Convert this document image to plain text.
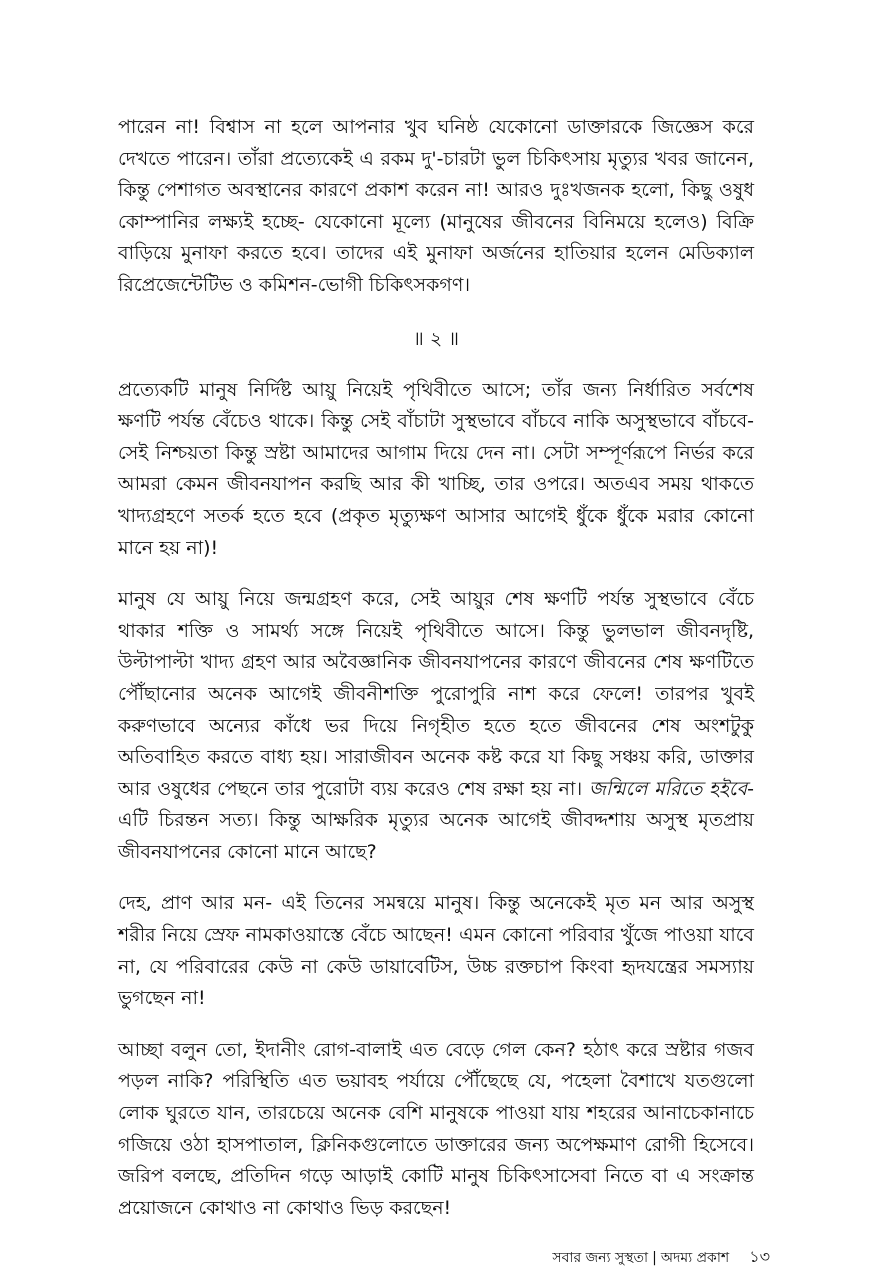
পারেন না! বিশ্বাস না হলে আপনার খুব ঘনিষ্ঠ যেকোনো ডাক্তারকে জিজ্ঞেস করে দেখতে পারেন। তাঁরা প্রত্যেকেই এ রকম দু'-চারটা ভুল চিকিৎসায় মৃত্যুর খবর জানেন, কিন্তু পেশাগত অবস্থানের কারণে প্রকাশ করেন না! আরও দুঃখজনক হলো, কিছু ওষুধ কোম্পানির লক্ষ্যই হচ্ছে- যেকোনো মূল্যে (মানুষের জীবনের বিনিময়ে হলেও) বিক্রি বাড়িয়ে মুনাফা করতে হবে। তাদের এই মুনাফা অর্জনের হাতিয়ার হলেন মেডিক্যাল রিপ্রেজেন্টেটিভ ও কমিশন-ভোগী চিকিৎসকগণ।

॥ ২ ॥

প্রত্যেকটি মানুষ নির্দিষ্ট আয়ু নিয়েই পৃথিবীতে আসে; তাঁর জন্য নির্ধারিত সর্বশেষ ক্ষণটি পর্যন্ত বেঁচেও থাকে। কিন্তু সেই বাঁচাটা সুস্থভাবে বাঁচবে নাকি অসুস্থভাবে বাঁচবে- সেই নিশ্চয়তা কিন্তু স্রষ্টা আমাদের আগাম দিয়ে দেন না। সেটা সম্পূর্ণরূপে নির্ভর করে আমরা কেমন জীবনযাপন করছি আর কী খাচ্ছি, তার ওপরে। অতএব সময় থাকতে খাদ্যগ্রহণে সতর্ক হতে হবে (প্রকৃত মৃত্যুক্ষণ আসার আগেই ধুঁকে ধুঁকে মরার কোনো মানে হয় না)!

মানুষ যে আয়ু নিয়ে জন্মগ্রহণ করে, সেই আয়ুর শেষ ক্ষণটি পর্যন্ত সুস্থভাবে বেঁচে থাকার শক্তি ও সামর্থ্য সঙ্গে নিয়েই পৃথিবীতে আসে। কিন্তু ভুলভাল জীবনদৃষ্টি, উল্টাপাল্টা খাদ্য গ্রহণ আর অবৈজ্ঞানিক জীবনযাপনের কারণে জীবনের শেষ ক্ষণটিতে পৌঁছানোর অনেক আগেই জীবনীশক্তি পুরোপুরি নাশ করে ফেলে! তারপর খুবই করুণভাবে অন্যের কাঁধে ভর দিয়ে নিগৃহীত হতে হতে জীবনের শেষ অংশটুকু অতিবাহিত করতে বাধ্য হয়। সারাজীবন অনেক কষ্ট করে যা কিছু সঞ্চয় করি, ডাক্তার আর ওষুধের পেছনে তার পুরোটা ব্যয় করেও শেষ রক্ষা হয় না। জন্মিলে মরিতে হইবে- এটি চিরন্তন সত্য। কিন্তু আক্ষরিক মৃত্যুর অনেক আগেই জীবদ্দশায় অসুস্থ মৃতপ্রায় জীবনযাপনের কোনো মানে আছে?

দেহ, প্রাণ আর মন- এই তিনের সমন্বয়ে মানুষ। কিন্তু অনেকেই মৃত মন আর অসুস্থ শরীর নিয়ে স্রেফ নামকাওয়াস্তে বেঁচে আছেন! এমন কোনো পরিবার খুঁজে পাওয়া যাবে না, যে পরিবারের কেউ না কেউ ডায়াবেটিস, উচ্চ রক্তচাপ কিংবা হৃদযন্ত্রের সমস্যায় ভুগছেন না!

আচ্ছা বলুন তো, ইদানীং রোগ-বালাই এত বেড়ে গেল কেন? হঠাৎ করে স্রষ্টার গজব পড়ল নাকি? পরিস্থিতি এত ভয়াবহ পর্যায়ে পৌঁছেছে যে, পহেলা বৈশাখে যতগুলো লোক ঘুরতে যান, তারচেয়ে অনেক বেশি মানুষকে পাওয়া যায় শহরের আনাচেকানাচে গজিয়ে ওঠা হাসপাতাল, ক্লিনিকগুলোতে ডাক্তারের জন্য অপেক্ষমাণ রোগী হিসেবে। জরিপ বলছে, প্রতিদিন গড়ে আড়াই কোটি মানুষ চিকিৎসাসেবা নিতে বা এ সংক্রান্ত প্রয়োজনে কোথাও না কোথাও ভিড় করছেন!

সবার জন্য সুস্থতা | অদম্য প্রকাশ ১৩
